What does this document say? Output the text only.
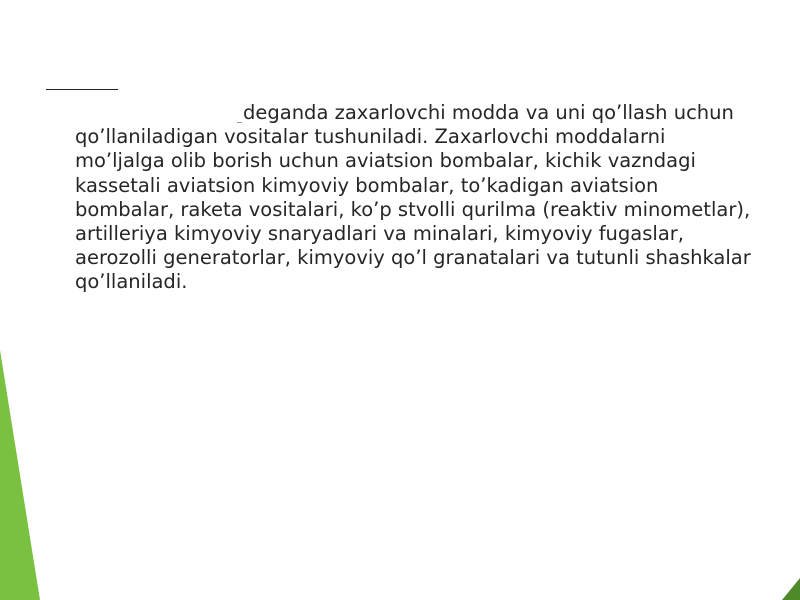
deganda zaxarlovchi modda va uni qo’llash uchun qo’llaniladigan vositalar tushuniladi. Zaxarlovchi moddalarni mo’ljalga olib borish uchun aviatsion bombalar, kichik vazndagi kassetali aviatsion kimyoviy bombalar, to’kadigan aviatsion bombalar, raketa vositalari, ko’p stvolli qurilma (reaktiv minometlar), artilleriya kimyoviy snaryadlari va minalari, kimyoviy fugaslar, aerozolli generatorlar, kimyoviy qo’l granatalari va tutunli shashkalar qo’llaniladi.
